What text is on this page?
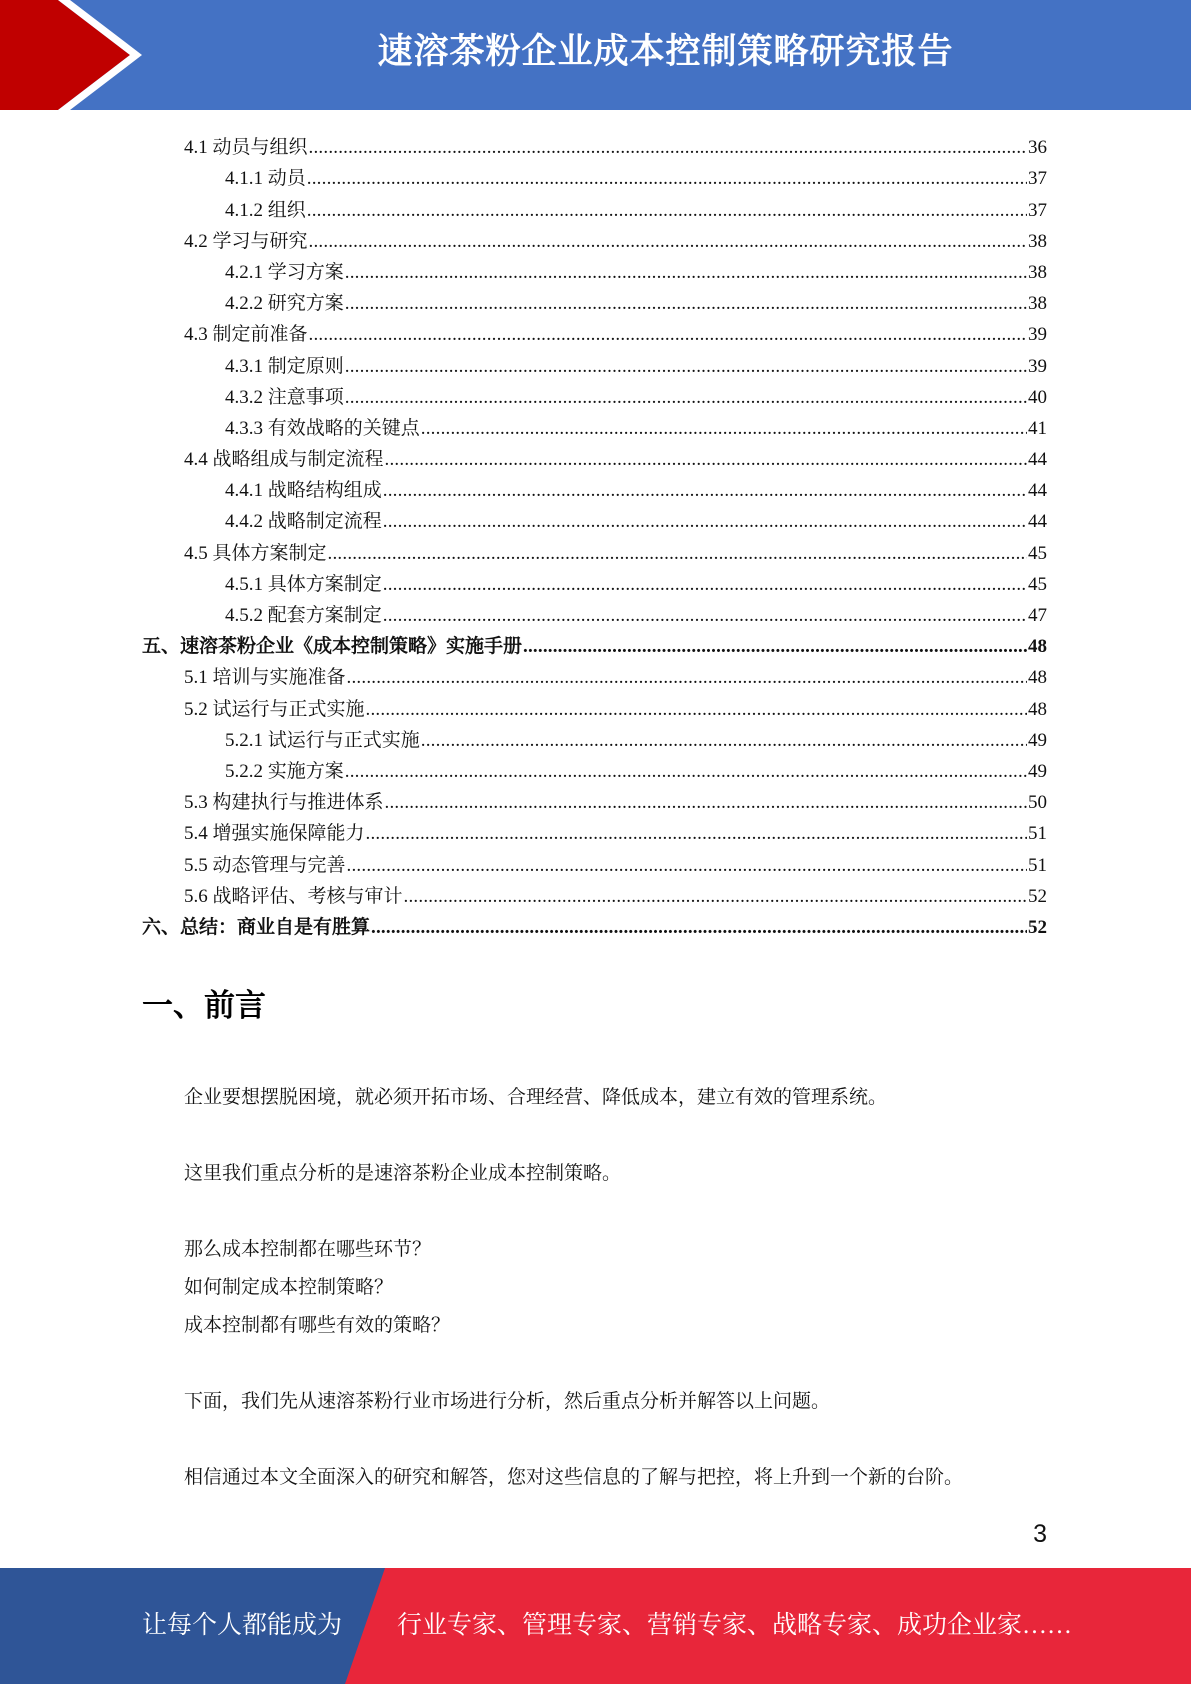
速溶茶粉企业成本控制策略研究报告
4.1 动员与组织 .....	36
4.1.1 动员 .....	37
4.1.2 组织 .....	37
4.2 学习与研究 .....	38
4.2.1 学习方案 .....	38
4.2.2 研究方案 .....	38
4.3 制定前准备 .....	39
4.3.1 制定原则 .....	39
4.3.2 注意事项 .....	40
4.3.3 有效战略的关键点 .....	41
4.4 战略组成与制定流程 .....	44
4.4.1 战略结构组成 .....	44
4.4.2 战略制定流程 .....	44
4.5 具体方案制定 .....	45
4.5.1 具体方案制定 .....	45
4.5.2 配套方案制定 .....	47
五、速溶茶粉企业《成本控制策略》实施手册 .....	48
5.1 培训与实施准备 .....	48
5.2 试运行与正式实施 .....	48
5.2.1 试运行与正式实施 .....	49
5.2.2 实施方案 .....	49
5.3 构建执行与推进体系 .....	50
5.4 增强实施保障能力 .....	51
5.5 动态管理与完善 .....	51
5.6 战略评估、考核与审计 .....	52
六、总结：商业自是有胜算 .....	52
一、前言

企业要想摆脱困境，就必须开拓市场、合理经营、降低成本，建立有效的管理系统。

这里我们重点分析的是速溶茶粉企业成本控制策略。

那么成本控制都在哪些环节？

如何制定成本控制策略？

成本控制都有哪些有效的策略？

下面，我们先从速溶茶粉行业市场进行分析，然后重点分析并解答以上问题。

相信通过本文全面深入的研究和解答，您对这些信息的了解与把控，将上升到一个新的台阶。

3
让每个人都能成为 行业专家、管理专家、营销专家、战略专家、成功企业家……
